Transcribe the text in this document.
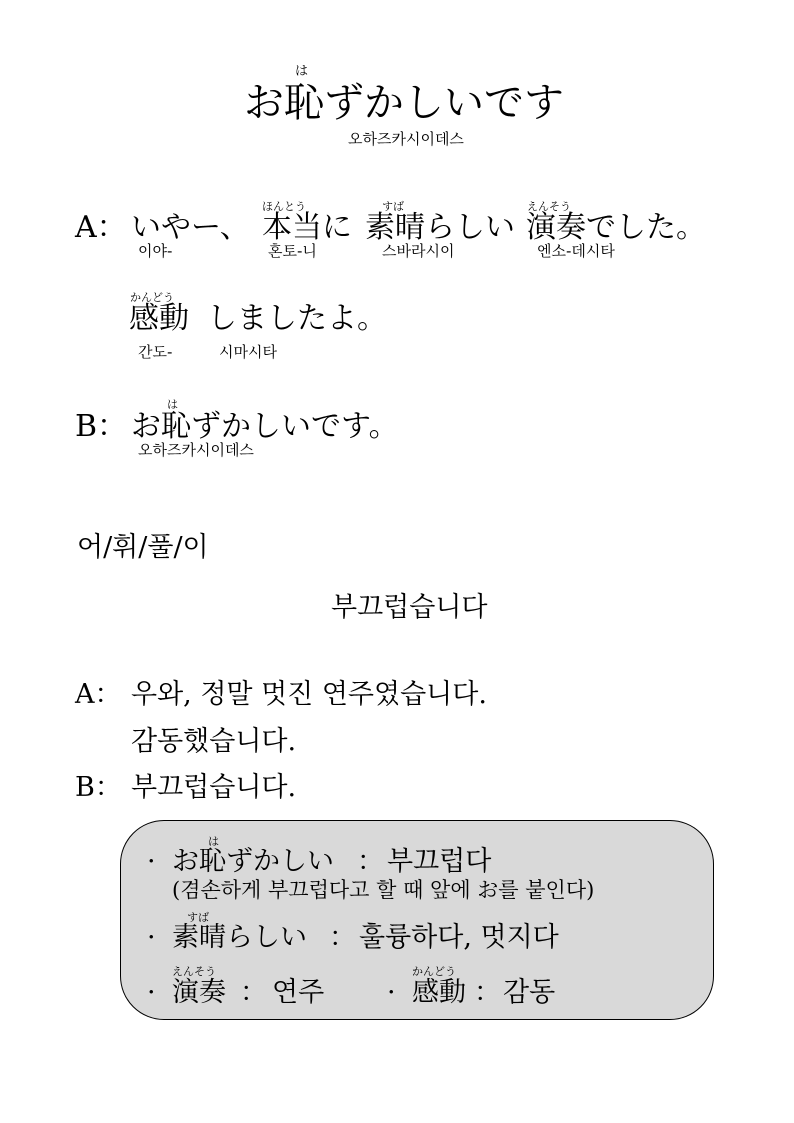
は
お恥ずかしいです
오하즈카시이데스
A： いやー、
ほんとう
本当に
すば
素晴らしい
えんそう
演奏でした。
이야-	혼토-니	스바라시이	엔소-데시타
かんどう
感動 しましたよ。
간도-	시마시타
B：
は
お恥ずかしいです。
오하즈카시이데스
어/휘/풀/이
부끄럽습니다
A： 우와, 정말 멋진 연주였습니다.
감동했습니다.
B： 부끄럽습니다.
·
は
お恥ずかしい ： 부끄럽다
(겸손하게 부끄럽다고 할 때 앞에 お를 붙인다)
·
すば
素晴らしい ： 훌륭하다, 멋지다
·
えんそう
演奏 ： 연주 ·
かんどう
感動 ： 감동
